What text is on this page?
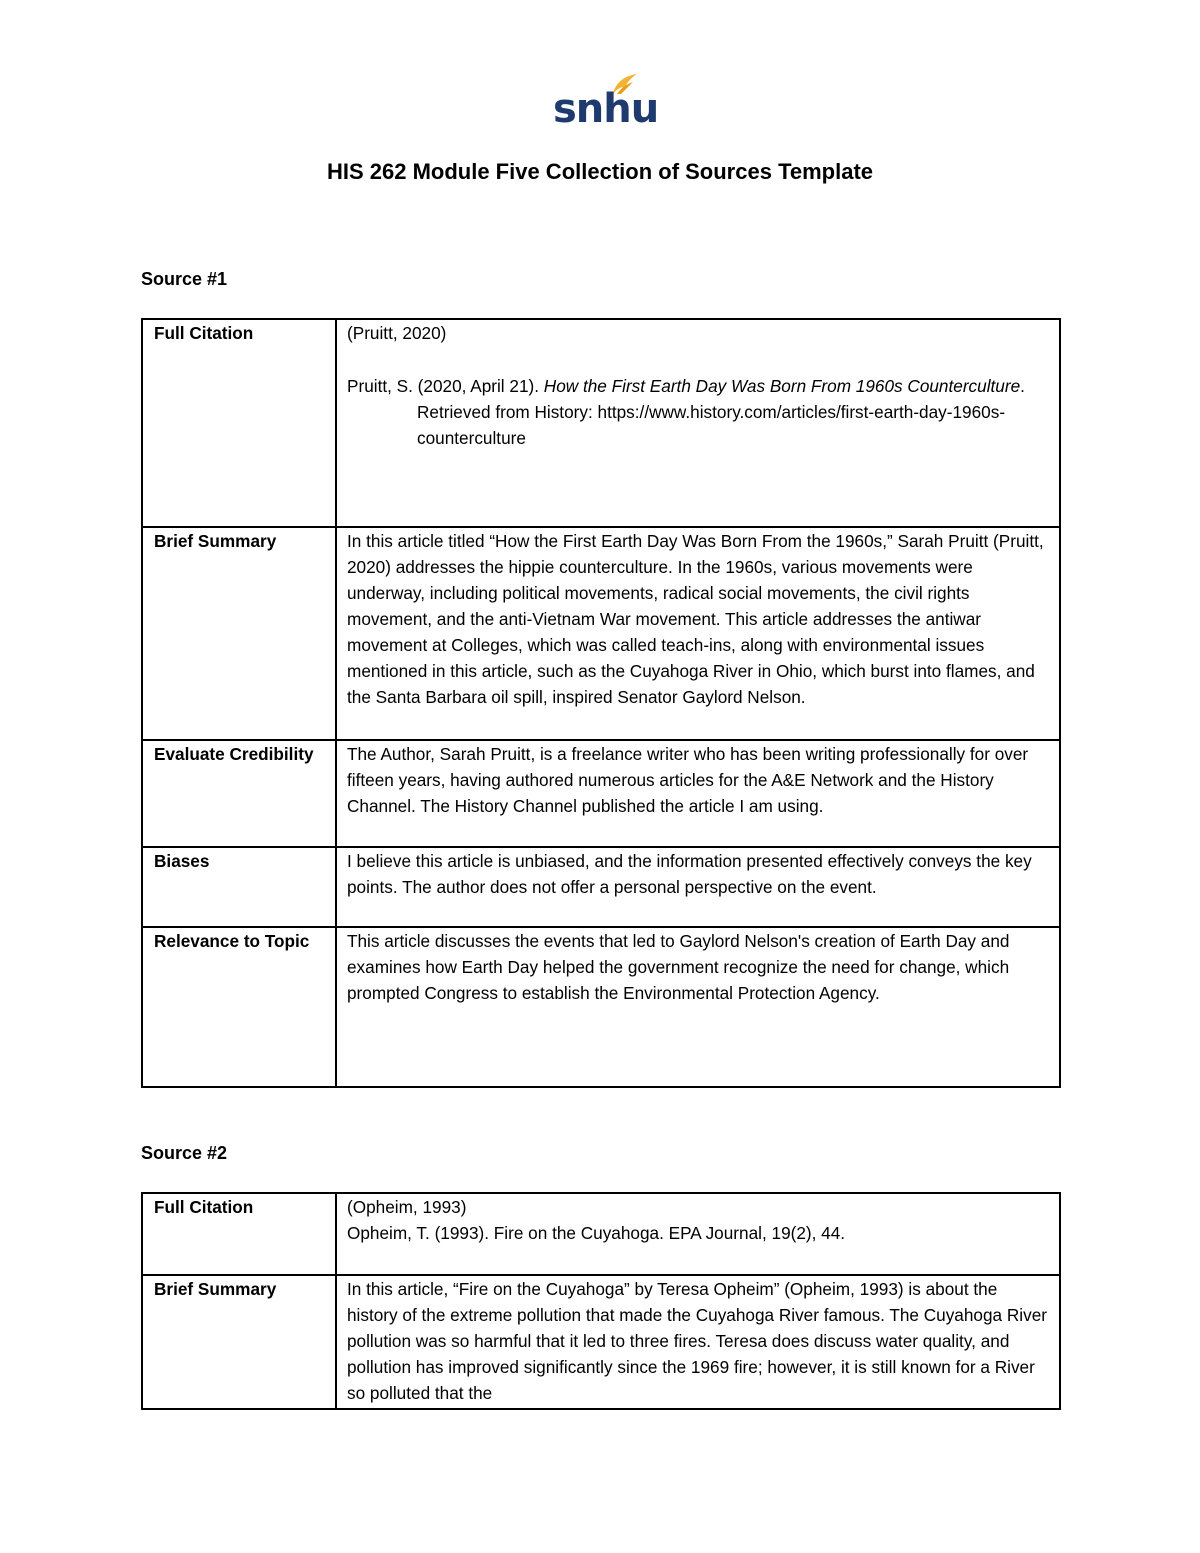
snhu
HIS 262 Module Five Collection of Sources Template
Source #1
Full Citation	(Pruitt, 2020)

Pruitt, S. (2020, April 21). How the First Earth Day Was Born From 1960s Counterculture. Retrieved from History: https://www.history.com/articles/first-earth-day-1960s-counterculture

Brief Summary	In this article titled “How the First Earth Day Was Born From the 1960s,” Sarah Pruitt (Pruitt, 2020) addresses the hippie counterculture. In the 1960s, various movements were underway, including political movements, radical social movements, the civil rights movement, and the anti-Vietnam War movement. This article addresses the antiwar movement at Colleges, which was called teach-ins, along with environmental issues mentioned in this article, such as the Cuyahoga River in Ohio, which burst into flames, and the Santa Barbara oil spill, inspired Senator Gaylord Nelson.
Evaluate Credibility	The Author, Sarah Pruitt, is a freelance writer who has been writing professionally for over fifteen years, having authored numerous articles for the A&E Network and the History Channel. The History Channel published the article I am using.
Biases	I believe this article is unbiased, and the information presented effectively conveys the key points. The author does not offer a personal perspective on the event.
Relevance to Topic	This article discusses the events that led to Gaylord Nelson's creation of Earth Day and examines how Earth Day helped the government recognize the need for change, which prompted Congress to establish the Environmental Protection Agency.
Source #2
Full Citation	(Opheim, 1993)

Opheim, T. (1993). Fire on the Cuyahoga. EPA Journal, 19(2), 44.

Brief Summary	In this article, “Fire on the Cuyahoga” by Teresa Opheim” (Opheim, 1993) is about the history of the extreme pollution that made the Cuyahoga River famous. The Cuyahoga River pollution was so harmful that it led to three fires. Teresa does discuss water quality, and pollution has improved significantly since the 1969 fire; however, it is still known for a River so polluted that the
